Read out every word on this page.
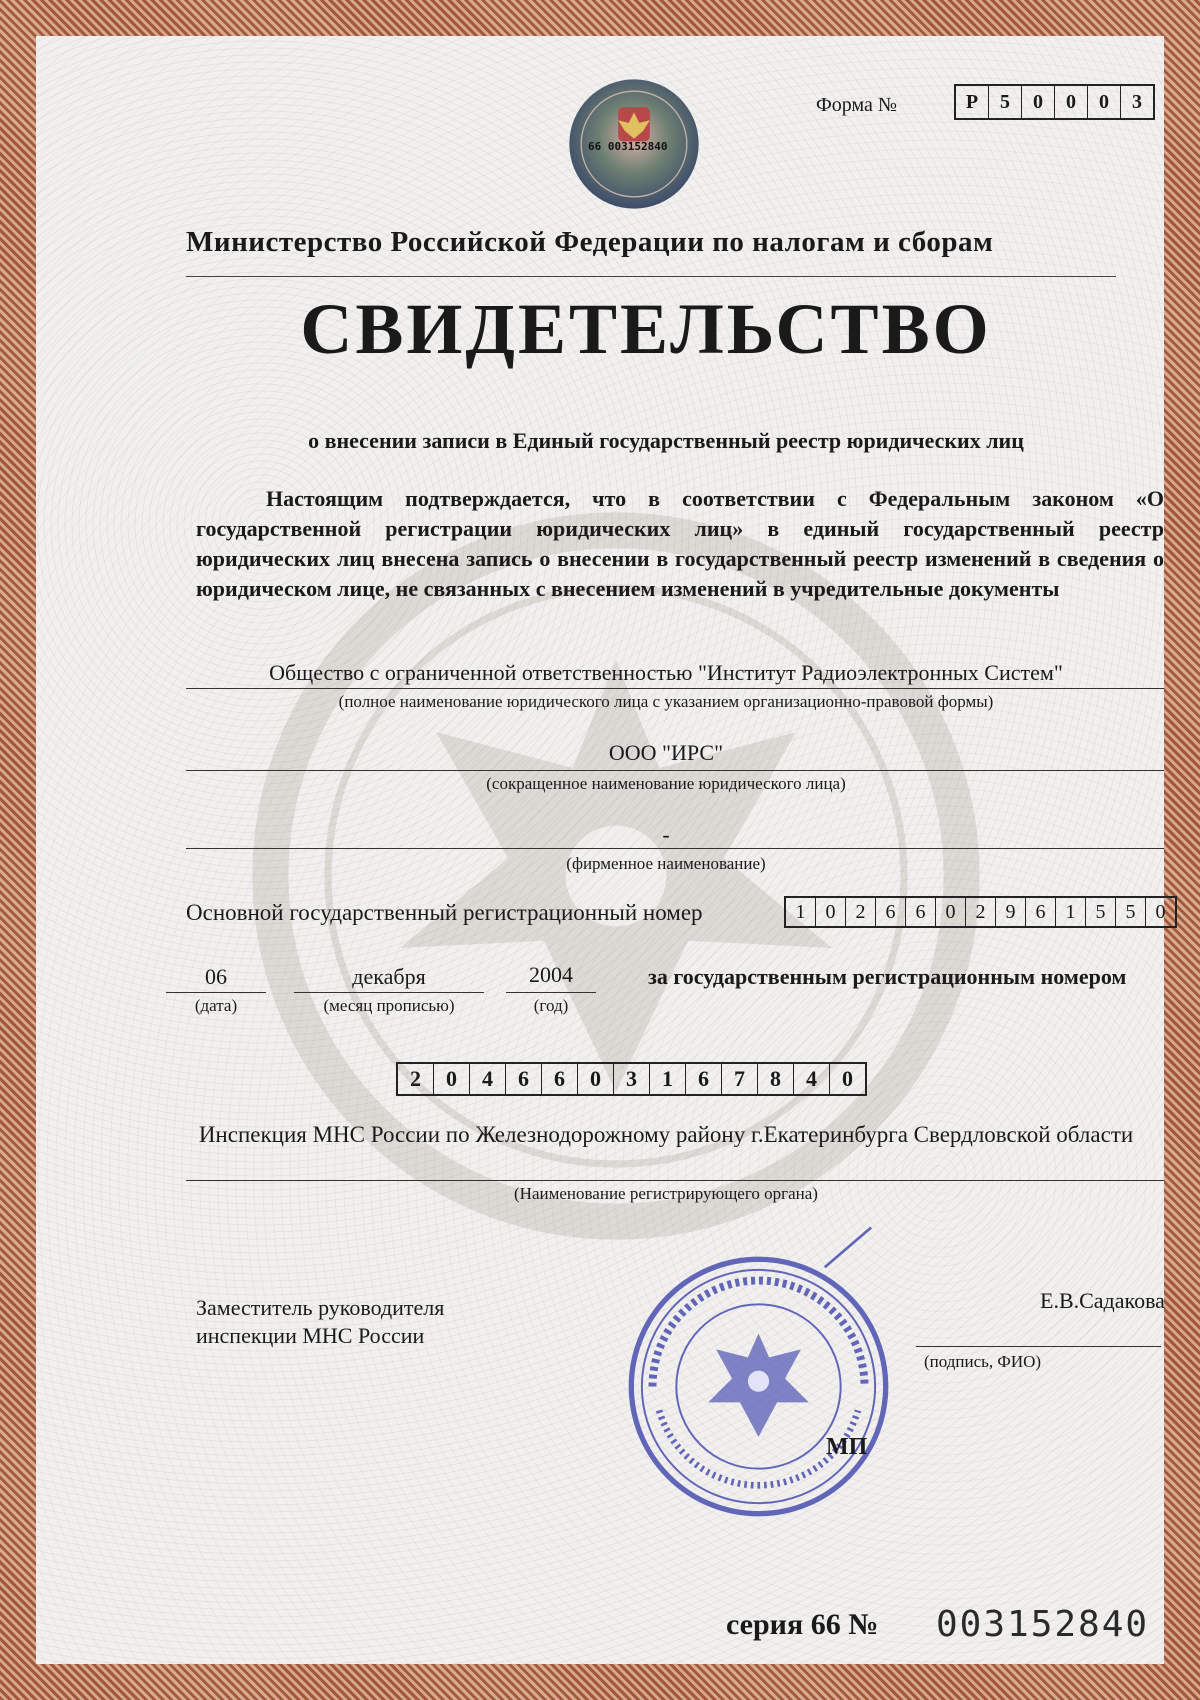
66 003152840
Форма №	Р	5	0	0	0	3
Министерство Российской Федерации по налогам и сборам
СВИДЕТЕЛЬСТВО
о внесении записи в Единый государственный реестр юридических лиц
Настоящим подтверждается, что в соответствии с Федеральным законом «О государственной регистрации юридических лиц» в единый государственный реестр юридических лиц внесена запись о внесении в государственный реестр изменений в сведения о юридическом лице, не связанных с внесением изменений в учредительные документы
Общество с ограниченной ответственностью "Институт Радиоэлектронных Систем"
(полное наименование юридического лица с указанием организационно-правовой формы)
ООО "ИРС"
(сокращенное наименование юридического лица)
-
(фирменное наименование)
Основной государственный регистрационный номер	1	0	2	6	6	0	2	9	6	1	5	5	0
06
(дата)
декабря
(месяц прописью)
2004
(год)
за государственным регистрационным номером
2	0	4	6	6	0	3	1	6	7	8	4	0
Инспекция МНС России по Железнодорожному району г.Екатеринбурга Свердловской области
(Наименование регистрирующего органа)
Заместитель руководителя
инспекции МНС России
Е.В.Садакова
(подпись, ФИО)
МП
серия 66 № 003152840
